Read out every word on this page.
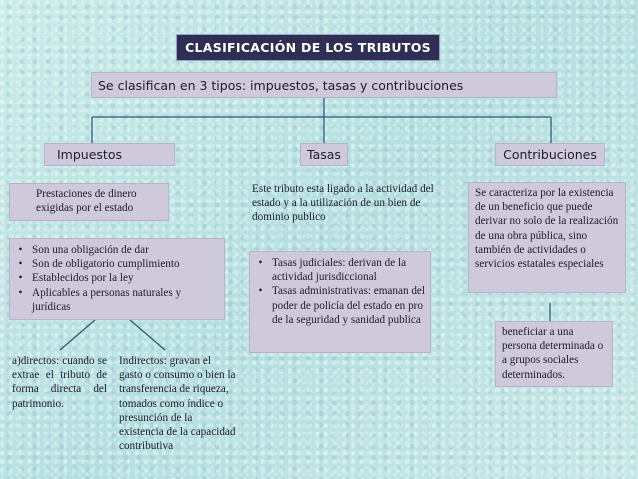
CLASIFICACIÓN DE LOS TRIBUTOS
Se clasifican en 3 tipos: impuestos, tasas y contribuciones
Impuestos	Tasas	Contribuciones
Prestaciones de dinero exigidas por el estado
• Son una obligación de dar
• Son de obligatorio cumplimiento
• Establecidos por la ley
• Aplicables a personas naturales y jurídicas
a)directos: cuando se extrae el tributo de forma directa del patrimonio.
Indirectos: gravan el gasto o consumo o bien la transferencia de riqueza, tomados como índice o presunción de la existencia de la capacidad contributiva
Este tributo esta ligado a la actividad del estado y a la utilización de un bien de dominio publico
• Tasas judiciales: derivan de la actividad jurisdiccional
• Tasas administrativas: emanan del poder de policía del estado en pro de la seguridad y sanidad publica
Se caracteriza por la existencia de un beneficio que puede derivar no solo de la realización de una obra pública, sino también de actividades o servicios estatales especiales
beneficiar a una persona determinada o a grupos sociales determinados.
